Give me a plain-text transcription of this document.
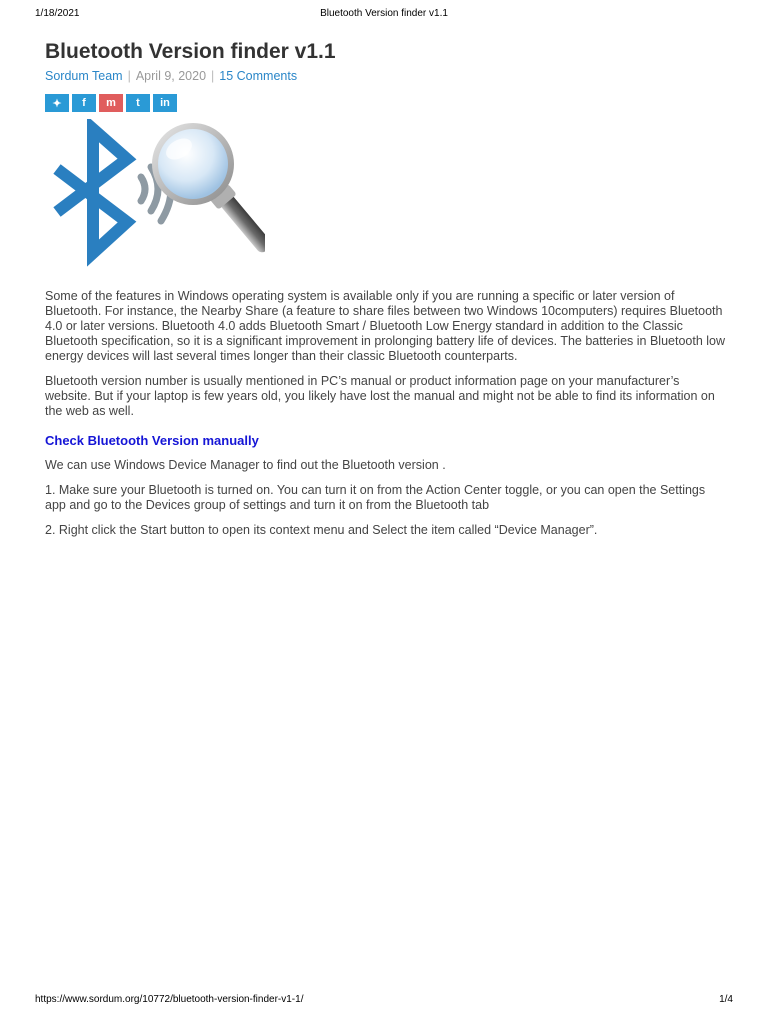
1/18/2021	Bluetooth Version finder v1.1
Bluetooth Version finder v1.1
Sordum Team | April 9, 2020 | 15 Comments
✦ f m t in

Some of the features in Windows operating system is available only if you are running a specific or later version of Bluetooth. For instance, the Nearby Share (a feature to share files between two Windows 10computers) requires Bluetooth 4.0 or later versions. Bluetooth 4.0 adds Bluetooth Smart / Bluetooth Low Energy standard in addition to the Classic Bluetooth specification, so it is a significant improvement in prolonging battery life of devices. The batteries in Bluetooth low energy devices will last several times longer than their classic Bluetooth counterparts.

Bluetooth version number is usually mentioned in PC’s manual or product information page on your manufacturer’s website. But if your laptop is few years old, you likely have lost the manual and might not be able to find its information on the web as well.

Check Bluetooth Version manually

We can use Windows Device Manager to find out the Bluetooth version .

1. Make sure your Bluetooth is turned on. You can turn it on from the Action Center toggle, or you can open the Settings app and go to the Devices group of settings and turn it on from the Bluetooth tab

2. Right click the Start button to open its context menu and Select the item called “Device Manager”.

https://www.sordum.org/10772/bluetooth-version-finder-v1-1/	1/4
